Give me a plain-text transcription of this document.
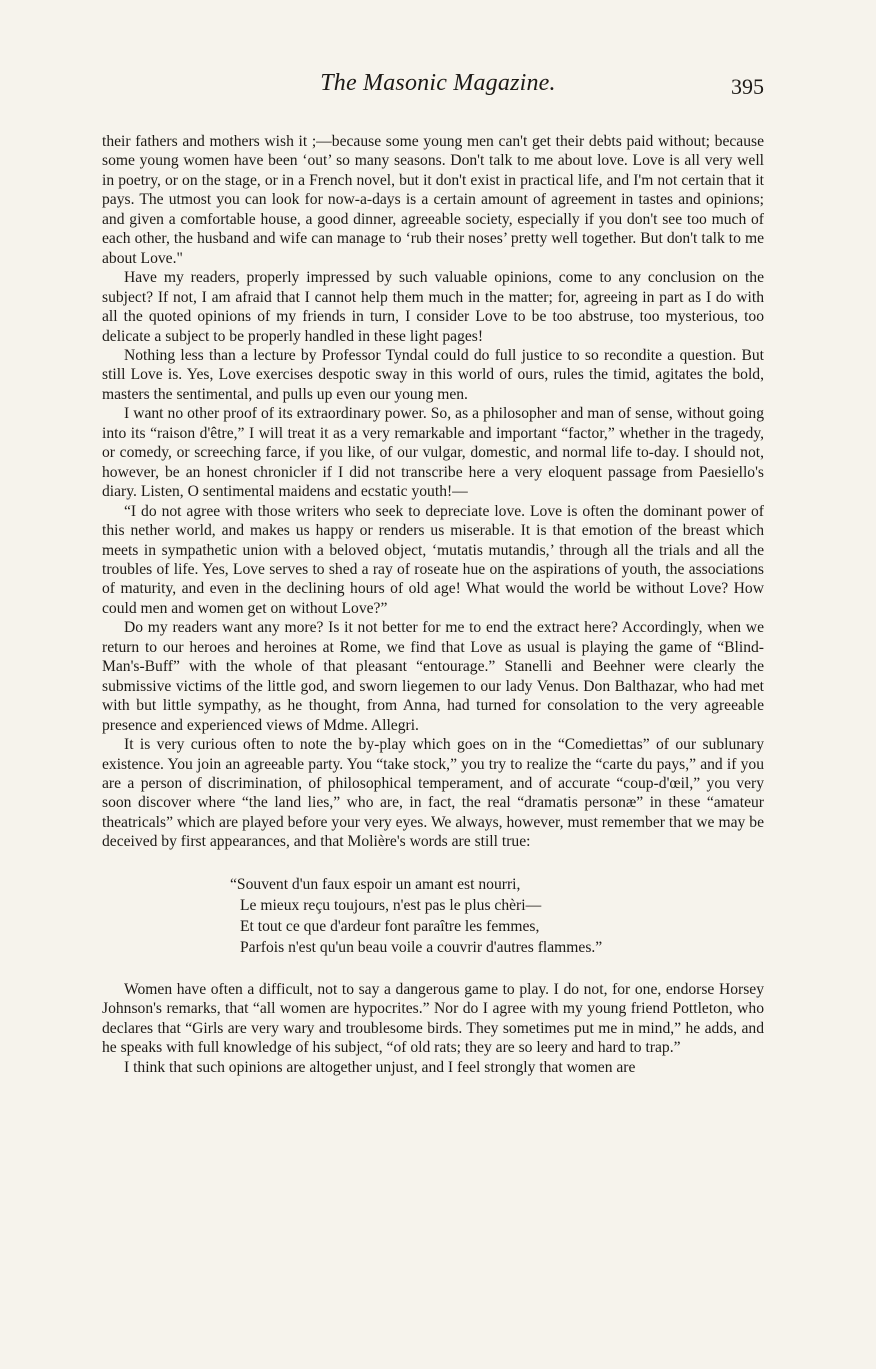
The Masonic Magazine.	395

their fathers and mothers wish it ;—because some young men can't get their debts paid without; because some young women have been ‘out’ so many seasons. Don't talk to me about love. Love is all very well in poetry, or on the stage, or in a French novel, but it don't exist in practical life, and I'm not certain that it pays. The utmost you can look for now-a-days is a certain amount of agreement in tastes and opinions; and given a comfortable house, a good dinner, agreeable society, especially if you don't see too much of each other, the husband and wife can manage to ‘rub their noses’ pretty well together. But don't talk to me about Love."

Have my readers, properly impressed by such valuable opinions, come to any conclusion on the subject? If not, I am afraid that I cannot help them much in the matter; for, agreeing in part as I do with all the quoted opinions of my friends in turn, I consider Love to be too abstruse, too mysterious, too delicate a subject to be properly handled in these light pages!

Nothing less than a lecture by Professor Tyndal could do full justice to so recondite a question. But still Love is. Yes, Love exercises despotic sway in this world of ours, rules the timid, agitates the bold, masters the sentimental, and pulls up even our young men.

I want no other proof of its extraordinary power. So, as a philosopher and man of sense, without going into its “raison d'être,” I will treat it as a very remarkable and important “factor,” whether in the tragedy, or comedy, or screeching farce, if you like, of our vulgar, domestic, and normal life to-day. I should not, however, be an honest chronicler if I did not transcribe here a very eloquent passage from Paesiello's diary. Listen, O sentimental maidens and ecstatic youth!—

“I do not agree with those writers who seek to depreciate love. Love is often the dominant power of this nether world, and makes us happy or renders us miserable. It is that emotion of the breast which meets in sympathetic union with a beloved object, ‘mutatis mutandis,’ through all the trials and all the troubles of life. Yes, Love serves to shed a ray of roseate hue on the aspirations of youth, the associations of maturity, and even in the declining hours of old age! What would the world be without Love? How could men and women get on without Love?”

Do my readers want any more? Is it not better for me to end the extract here? Accordingly, when we return to our heroes and heroines at Rome, we find that Love as usual is playing the game of “Blind-Man's-Buff” with the whole of that pleasant “entourage.” Stanelli and Beehner were clearly the submissive victims of the little god, and sworn liegemen to our lady Venus. Don Balthazar, who had met with but little sympathy, as he thought, from Anna, had turned for consolation to the very agreeable presence and experienced views of Mdme. Allegri.

It is very curious often to note the by-play which goes on in the “Comediettas” of our sublunary existence. You join an agreeable party. You “take stock,” you try to realize the “carte du pays,” and if you are a person of discrimination, of philosophical temperament, and of accurate “coup-d'œil,” you very soon discover where “the land lies,” who are, in fact, the real “dramatis personæ” in these “amateur theatricals” which are played before your very eyes. We always, however, must remember that we may be deceived by first appearances, and that Molière's words are still true:

“Souvent d'un faux espoir un amant est nourri,
Le mieux reçu toujours, n'est pas le plus chèri—
Et tout ce que d'ardeur font paraître les femmes,
Parfois n'est qu'un beau voile a couvrir d'autres flammes.”

Women have often a difficult, not to say a dangerous game to play. I do not, for one, endorse Horsey Johnson's remarks, that “all women are hypocrites.” Nor do I agree with my young friend Pottleton, who declares that “Girls are very wary and troublesome birds. They sometimes put me in mind,” he adds, and he speaks with full knowledge of his subject, “of old rats; they are so leery and hard to trap.”

I think that such opinions are altogether unjust, and I feel strongly that women are
